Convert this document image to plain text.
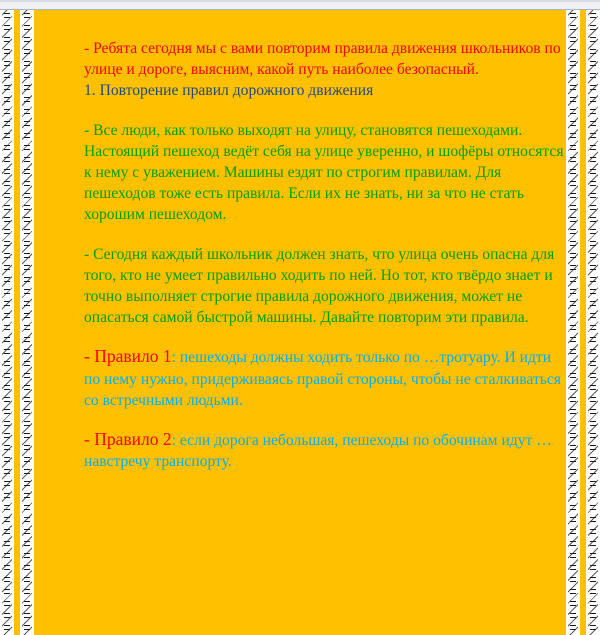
- Ребята сегодня мы с вами повторим правила движения школьников по улице и дороге, выясним, какой путь наиболее безопасный.

1. Повторение правил дорожного движения

- Все люди, как только выходят на улицу, становятся пешеходами. Настоящий пешеход ведёт себя на улице уверенно, и шофёры относятся к нему с уважением. Машины ездят по строгим правилам. Для пешеходов тоже есть правила. Если их не знать, ни за что не стать хорошим пешеходом.

- Сегодня каждый школьник должен знать, что улица очень опасна для того, кто не умеет правильно ходить по ней. Но тот, кто твёрдо знает и точно выполняет строгие правила дорожного движения, может не опасаться самой быстрой машины. Давайте повторим эти правила.

- Правило 1: пешеходы должны ходить только по …тротуару. И идти по нему нужно, придерживаясь правой стороны, чтобы не сталкиваться со встречными людьми.

- Правило 2: если дорога небольшая, пешеходы по обочинам идут …навстречу транспорту.
